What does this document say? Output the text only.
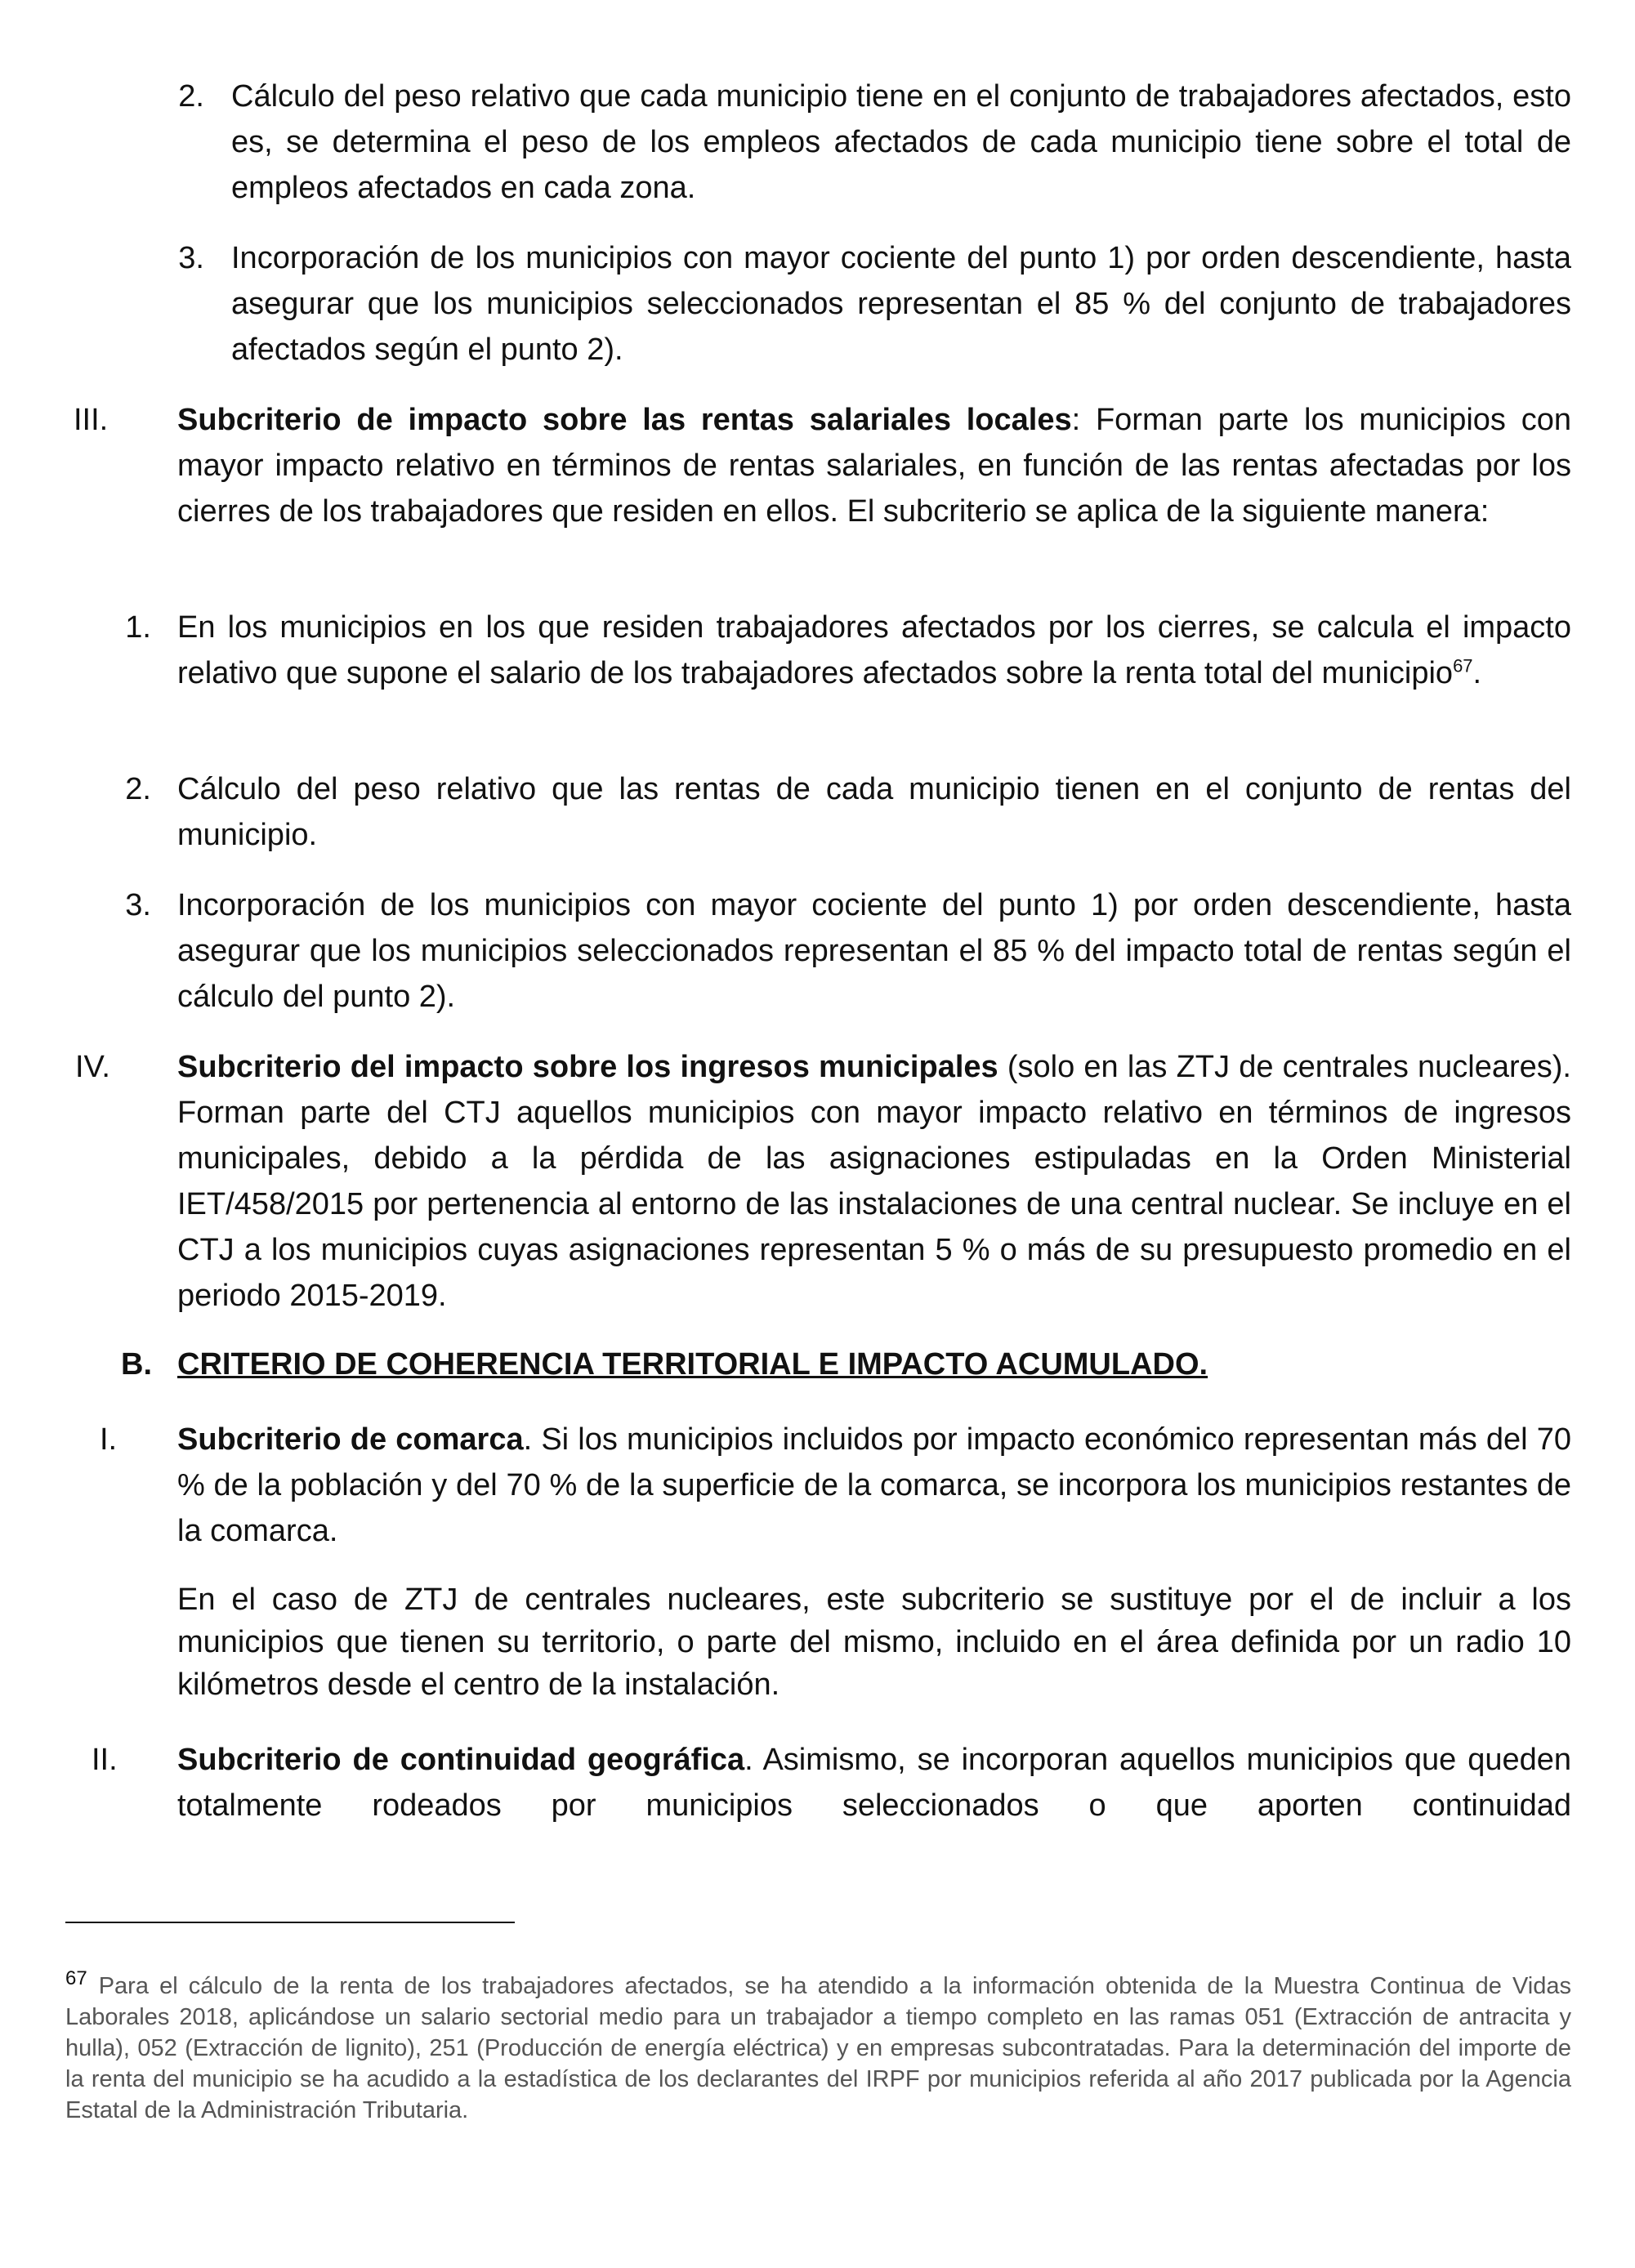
2. Cálculo del peso relativo que cada municipio tiene en el conjunto de trabajadores afectados, esto es, se determina el peso de los empleos afectados de cada municipio tiene sobre el total de empleos afectados en cada zona.
3. Incorporación de los municipios con mayor cociente del punto 1) por orden descendiente, hasta asegurar que los municipios seleccionados representan el 85 % del conjunto de trabajadores afectados según el punto 2).
III.	Subcriterio de impacto sobre las rentas salariales locales: Forman parte los municipios con mayor impacto relativo en términos de rentas salariales, en función de las rentas afectadas por los cierres de los trabajadores que residen en ellos. El subcriterio se aplica de la siguiente manera:
1. En los municipios en los que residen trabajadores afectados por los cierres, se calcula el impacto relativo que supone el salario de los trabajadores afectados sobre la renta total del municipio$^{67}$.
2. Cálculo del peso relativo que las rentas de cada municipio tienen en el conjunto de rentas del municipio.
3. Incorporación de los municipios con mayor cociente del punto 1) por orden descendiente, hasta asegurar que los municipios seleccionados representan el 85 % del impacto total de rentas según el cálculo del punto 2).
IV.	Subcriterio del impacto sobre los ingresos municipales (solo en las ZTJ de centrales nucleares). Forman parte del CTJ aquellos municipios con mayor impacto relativo en términos de ingresos municipales, debido a la pérdida de las asignaciones estipuladas en la Orden Ministerial IET/458/2015 por pertenencia al entorno de las instalaciones de una central nuclear. Se incluye en el CTJ a los municipios cuyas asignaciones representan 5 % o más de su presupuesto promedio en el periodo 2015-2019.
B. CRITERIO DE COHERENCIA TERRITORIAL E IMPACTO ACUMULADO.
I.	Subcriterio de comarca. Si los municipios incluidos por impacto económico representan más del 70 % de la población y del 70 % de la superficie de la comarca, se incorpora los municipios restantes de la comarca.
En el caso de ZTJ de centrales nucleares, este subcriterio se sustituye por el de incluir a los municipios que tienen su territorio, o parte del mismo, incluido en el área definida por un radio 10 kilómetros desde el centro de la instalación.
II.	Subcriterio de continuidad geográfica. Asimismo, se incorporan aquellos municipios que queden totalmente rodeados por municipios seleccionados o que aporten continuidad
$^{67}$ Para el cálculo de la renta de los trabajadores afectados, se ha atendido a la información obtenida de la Muestra Continua de Vidas Laborales 2018, aplicándose un salario sectorial medio para un trabajador a tiempo completo en las ramas 051 (Extracción de antracita y hulla), 052 (Extracción de lignito), 251 (Producción de energía eléctrica) y en empresas subcontratadas. Para la determinación del importe de la renta del municipio se ha acudido a la estadística de los declarantes del IRPF por municipios referida al año 2017 publicada por la Agencia Estatal de la Administración Tributaria.
